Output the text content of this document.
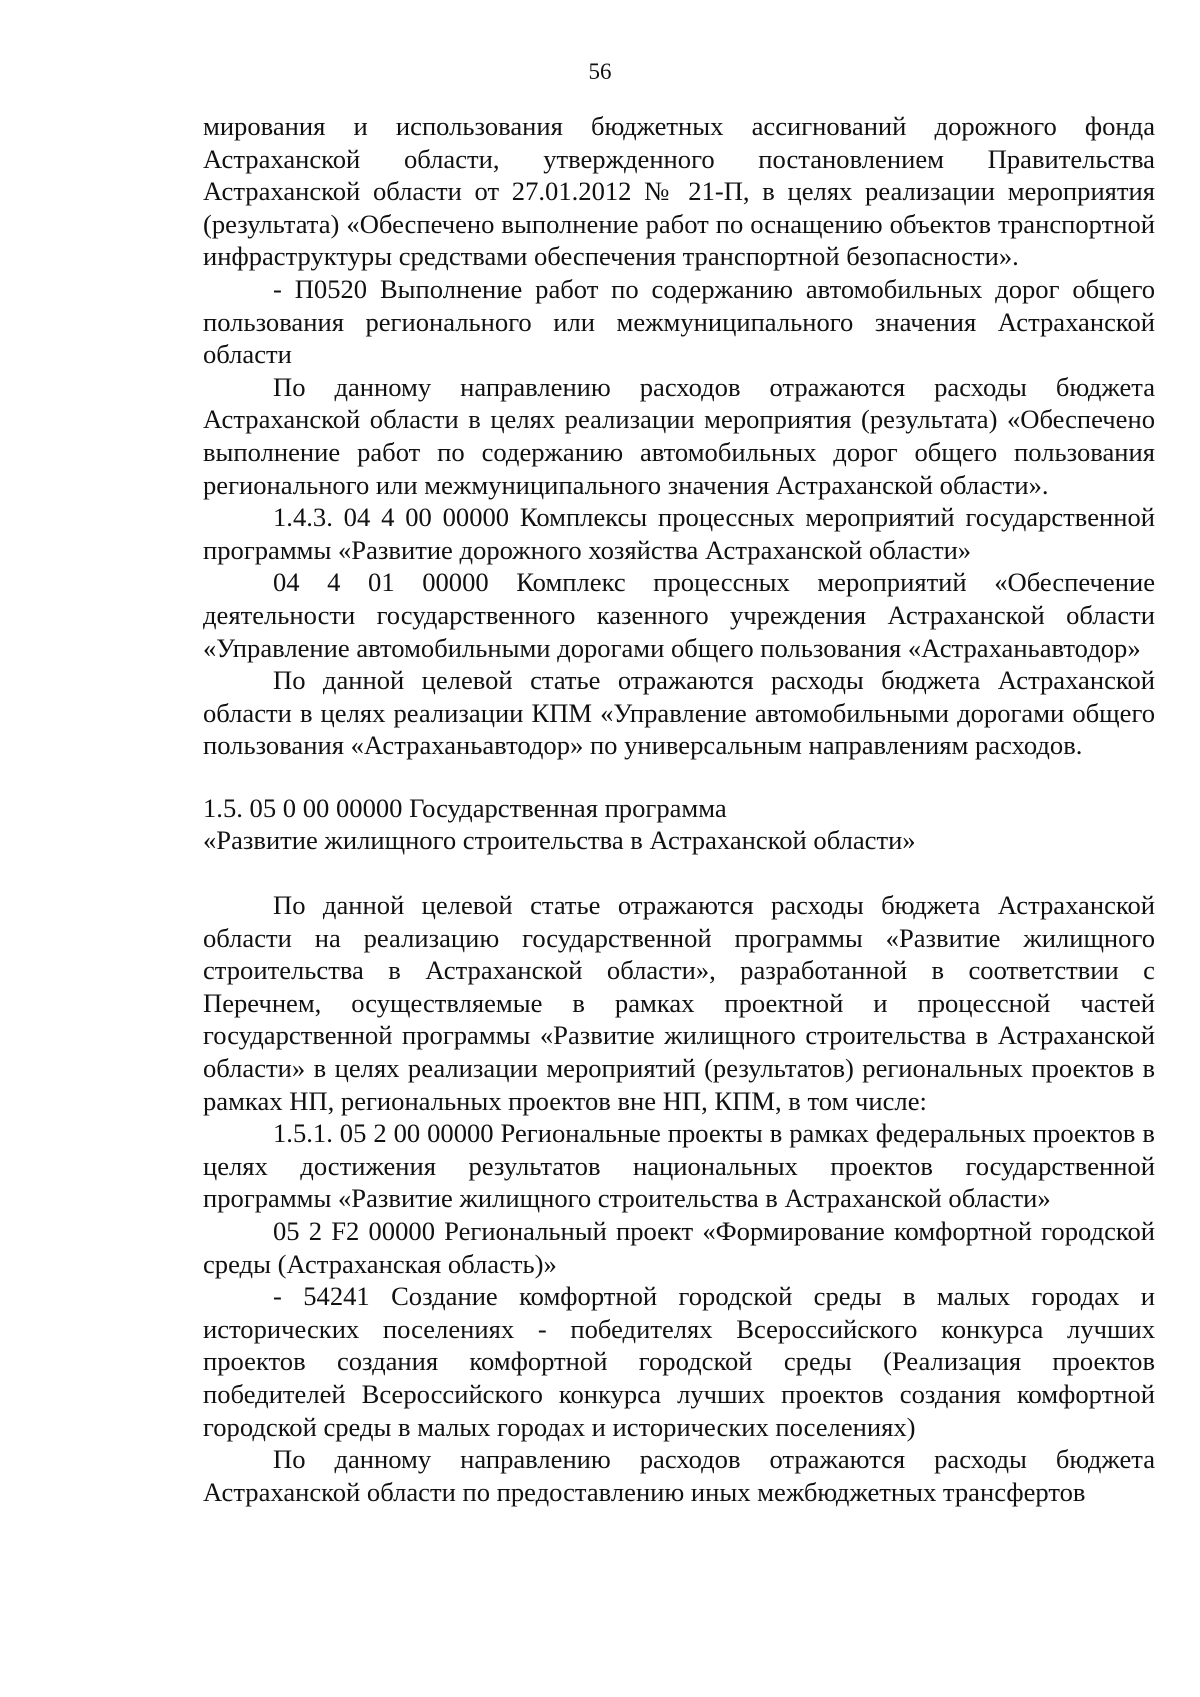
56

мирования и использования бюджетных ассигнований дорожного фонда Астраханской области, утвержденного постановлением Правительства Астраханской области от 27.01.2012 № 21-П, в целях реализации мероприятия (результата) «Обеспечено выполнение работ по оснащению объектов транспортной инфраструктуры средствами обеспечения транспортной безопасности».

- П0520 Выполнение работ по содержанию автомобильных дорог общего пользования регионального или межмуниципального значения Астраханской области

По данному направлению расходов отражаются расходы бюджета Астраханской области в целях реализации мероприятия (результата) «Обеспечено выполнение работ по содержанию автомобильных дорог общего пользования регионального или межмуниципального значения Астраханской области».

1.4.3. 04 4 00 00000 Комплексы процессных мероприятий государственной программы «Развитие дорожного хозяйства Астраханской области»

04 4 01 00000 Комплекс процессных мероприятий «Обеспечение деятельности государственного казенного учреждения Астраханской области «Управление автомобильными дорогами общего пользования «Астраханьавтодор»

По данной целевой статье отражаются расходы бюджета Астраханской области в целях реализации КПМ «Управление автомобильными дорогами общего пользования «Астраханьавтодор» по универсальным направлениям расходов.

1.5. 05 0 00 00000 Государственная программа
«Развитие жилищного строительства в Астраханской области»

По данной целевой статье отражаются расходы бюджета Астраханской области на реализацию государственной программы «Развитие жилищного строительства в Астраханской области», разработанной в соответствии с Перечнем, осуществляемые в рамках проектной и процессной частей государственной программы «Развитие жилищного строительства в Астраханской области» в целях реализации мероприятий (результатов) региональных проектов в рамках НП, региональных проектов вне НП, КПМ, в том числе:

1.5.1. 05 2 00 00000 Региональные проекты в рамках федеральных проектов в целях достижения результатов национальных проектов государственной программы «Развитие жилищного строительства в Астраханской области»

05 2 F2 00000 Региональный проект «Формирование комфортной городской среды (Астраханская область)»

- 54241 Создание комфортной городской среды в малых городах и исторических поселениях - победителях Всероссийского конкурса лучших проектов создания комфортной городской среды (Реализация проектов победителей Всероссийского конкурса лучших проектов создания комфортной городской среды в малых городах и исторических поселениях)

По данному направлению расходов отражаются расходы бюджета Астраханской области по предоставлению иных межбюджетных трансфертов
